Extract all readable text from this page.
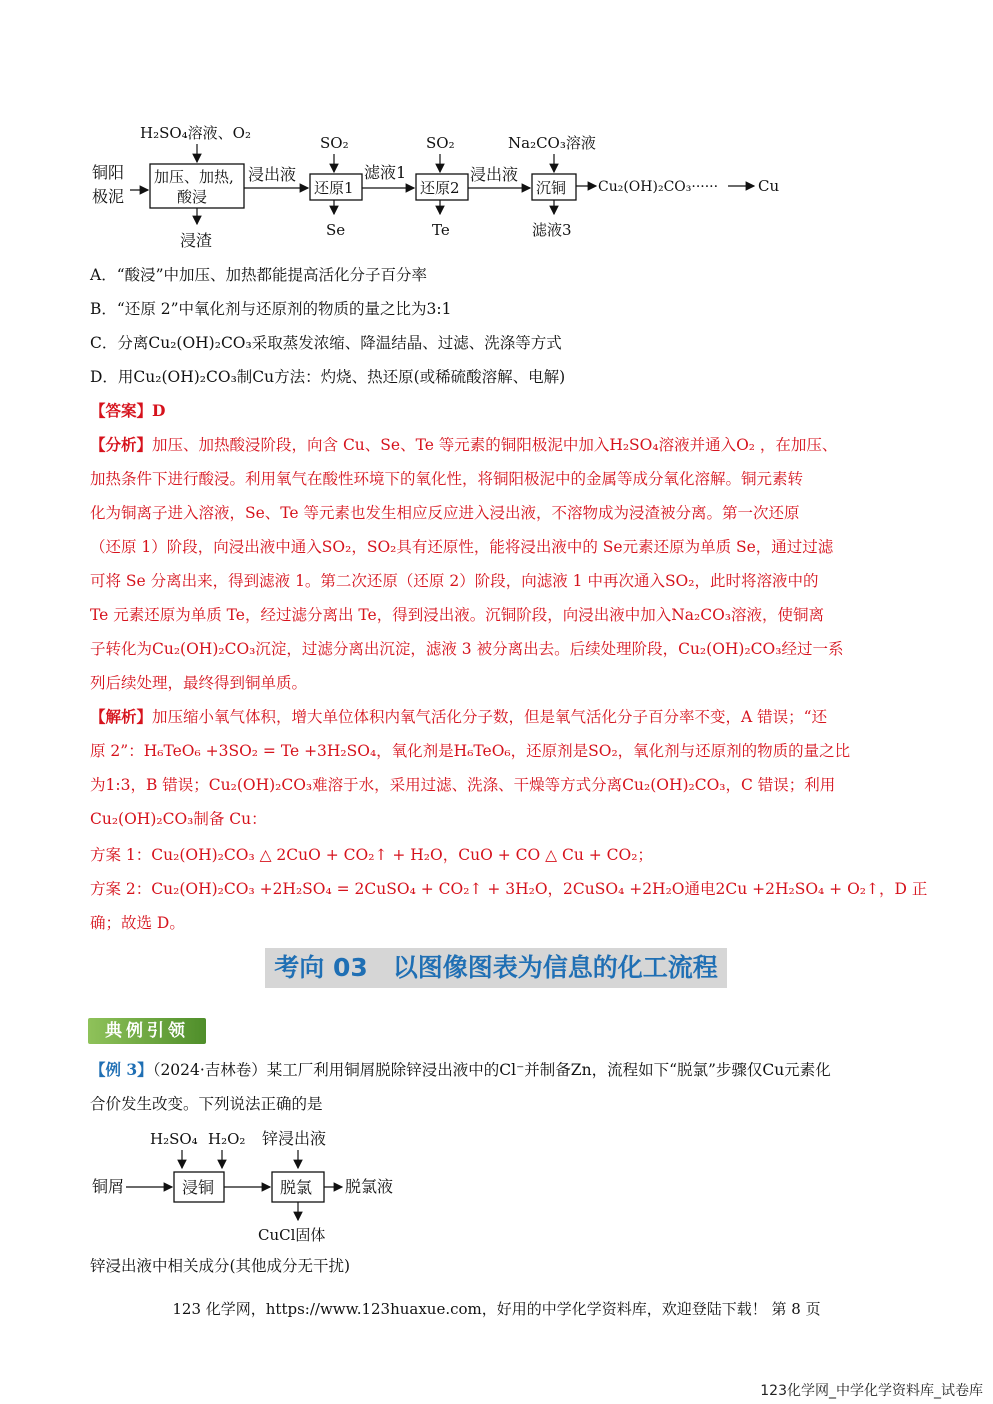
铜阳
极泥
H₂SO₄溶液、O₂
加压、加热,
酸浸
浸渣
浸出液
SO₂
还原1
Se
滤液1
SO₂
还原2
Te
浸出液
Na₂CO₃溶液
沉铜
滤液3
Cu₂(OH)₂CO₃······	Cu
A．“酸浸”中加压、加热都能提高活化分子百分率
B．“还原 2”中氧化剂与还原剂的物质的量之比为3:1
C．分离Cu₂(OH)₂CO₃采取蒸发浓缩、降温结晶、过滤、洗涤等方式
D．用Cu₂(OH)₂CO₃制Cu方法：灼烧、热还原(或稀硫酸溶解、电解)
【答案】D
【分析】加压、加热酸浸阶段，向含 Cu、Se、Te 等元素的铜阳极泥中加入H₂SO₄溶液并通入O₂ ，在加压、
加热条件下进行酸浸。利用氧气在酸性环境下的氧化性，将铜阳极泥中的金属等成分氧化溶解。铜元素转
化为铜离子进入溶液，Se、Te 等元素也发生相应反应进入浸出液，不溶物成为浸渣被分离。第一次还原
（还原 1）阶段，向浸出液中通入SO₂，SO₂具有还原性，能将浸出液中的 Se元素还原为单质 Se，通过过滤
可将 Se 分离出来，得到滤液 1。第二次还原（还原 2）阶段，向滤液 1 中再次通入SO₂，此时将溶液中的
Te 元素还原为单质 Te，经过滤分离出 Te，得到浸出液。沉铜阶段，向浸出液中加入Na₂CO₃溶液，使铜离
子转化为Cu₂(OH)₂CO₃沉淀，过滤分离出沉淀，滤液 3 被分离出去。后续处理阶段，Cu₂(OH)₂CO₃经过一系
列后续处理，最终得到铜单质。
【解析】加压缩小氧气体积，增大单位体积内氧气活化分子数，但是氧气活化分子百分率不变，A 错误；“还
原 2”：H₆TeO₆ +3SO₂ = Te +3H₂SO₄，氧化剂是H₆TeO₆，还原剂是SO₂，氧化剂与还原剂的物质的量之比
为1:3，B 错误；Cu₂(OH)₂CO₃难溶于水，采用过滤、洗涤、干燥等方式分离Cu₂(OH)₂CO₃，C 错误；利用
Cu₂(OH)₂CO₃制备 Cu：
方案 1：Cu₂(OH)₂CO₃ △ 2CuO + CO₂↑ + H₂O，CuO + CO △ Cu + CO₂；
方案 2：Cu₂(OH)₂CO₃ +2H₂SO₄ = 2CuSO₄ + CO₂↑ + 3H₂O，2CuSO₄ +2H₂O通电2Cu +2H₂SO₄ + O₂↑，D 正
确；故选 D。
考向 03　以图像图表为信息的化工流程
典例引领
【例 3】（2024·吉林卷）某工厂利用铜屑脱除锌浸出液中的Cl⁻并制备Zn，流程如下“脱氯”步骤仅Cu元素化
合价发生改变。下列说法正确的是
H₂SO₄ H₂O₂ 锌浸出液
铜屑	浸铜	脱氯 脱氯液
CuCl固体
锌浸出液中相关成分(其他成分无干扰)
123 化学网，https://www.123huaxue.com，好用的中学化学资料库，欢迎登陆下载！ 第 8 页
123化学网_中学化学资料库_试卷库
